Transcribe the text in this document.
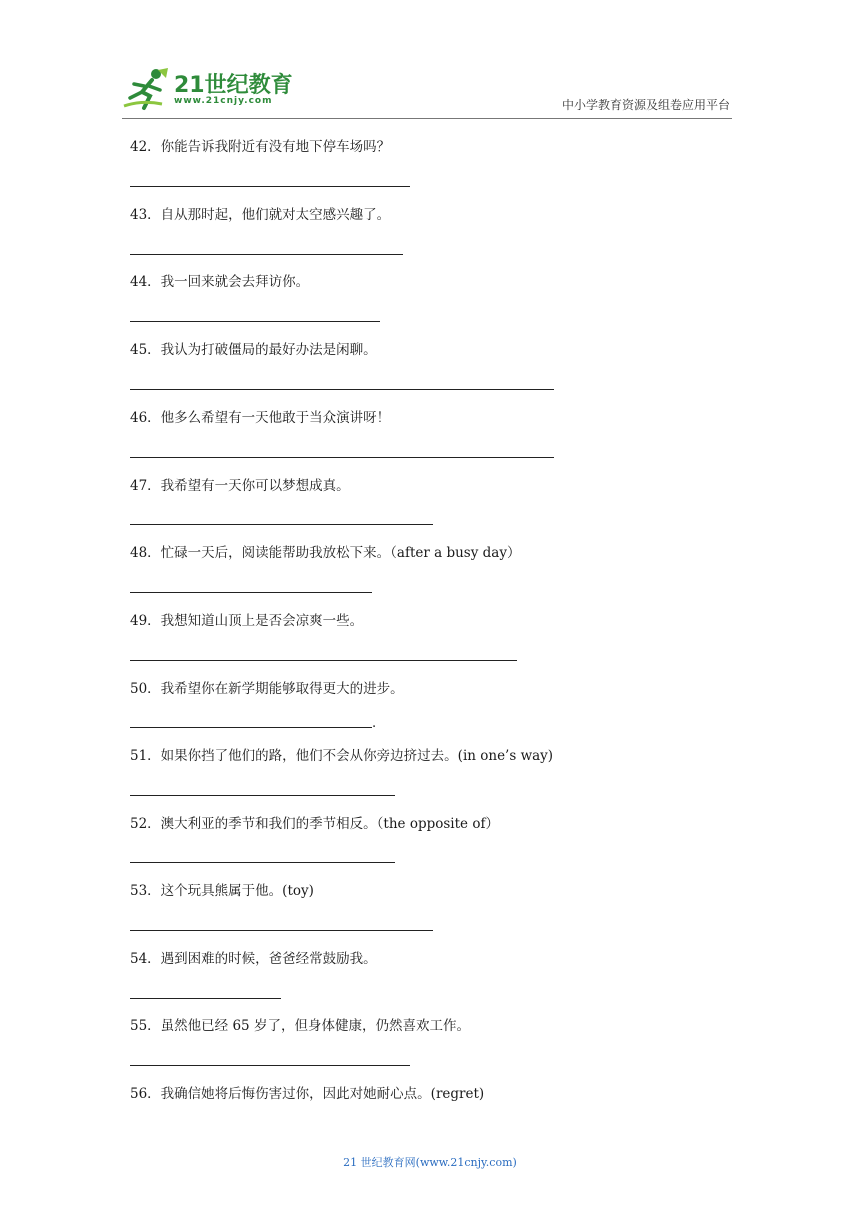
21世纪教育
www.21cnjy.com	中小学教育资源及组卷应用平台
42．你能告诉我附近有没有地下停车场吗？
43．自从那时起，他们就对太空感兴趣了。
44．我一回来就会去拜访你。
45．我认为打破僵局的最好办法是闲聊。
46．他多么希望有一天他敢于当众演讲呀！
47．我希望有一天你可以梦想成真。
48．忙碌一天后，阅读能帮助我放松下来。（after a busy day）
49．我想知道山顶上是否会凉爽一些。
50．我希望你在新学期能够取得更大的进步。
.
51．如果你挡了他们的路，他们不会从你旁边挤过去。(in one’s way)
52．澳大利亚的季节和我们的季节相反。（the opposite of）
53．这个玩具熊属于他。(toy)
54．遇到困难的时候，爸爸经常鼓励我。
55．虽然他已经 65 岁了，但身体健康，仍然喜欢工作。
56．我确信她将后悔伤害过你，因此对她耐心点。(regret)
21 世纪教育网(www.21cnjy.com)
